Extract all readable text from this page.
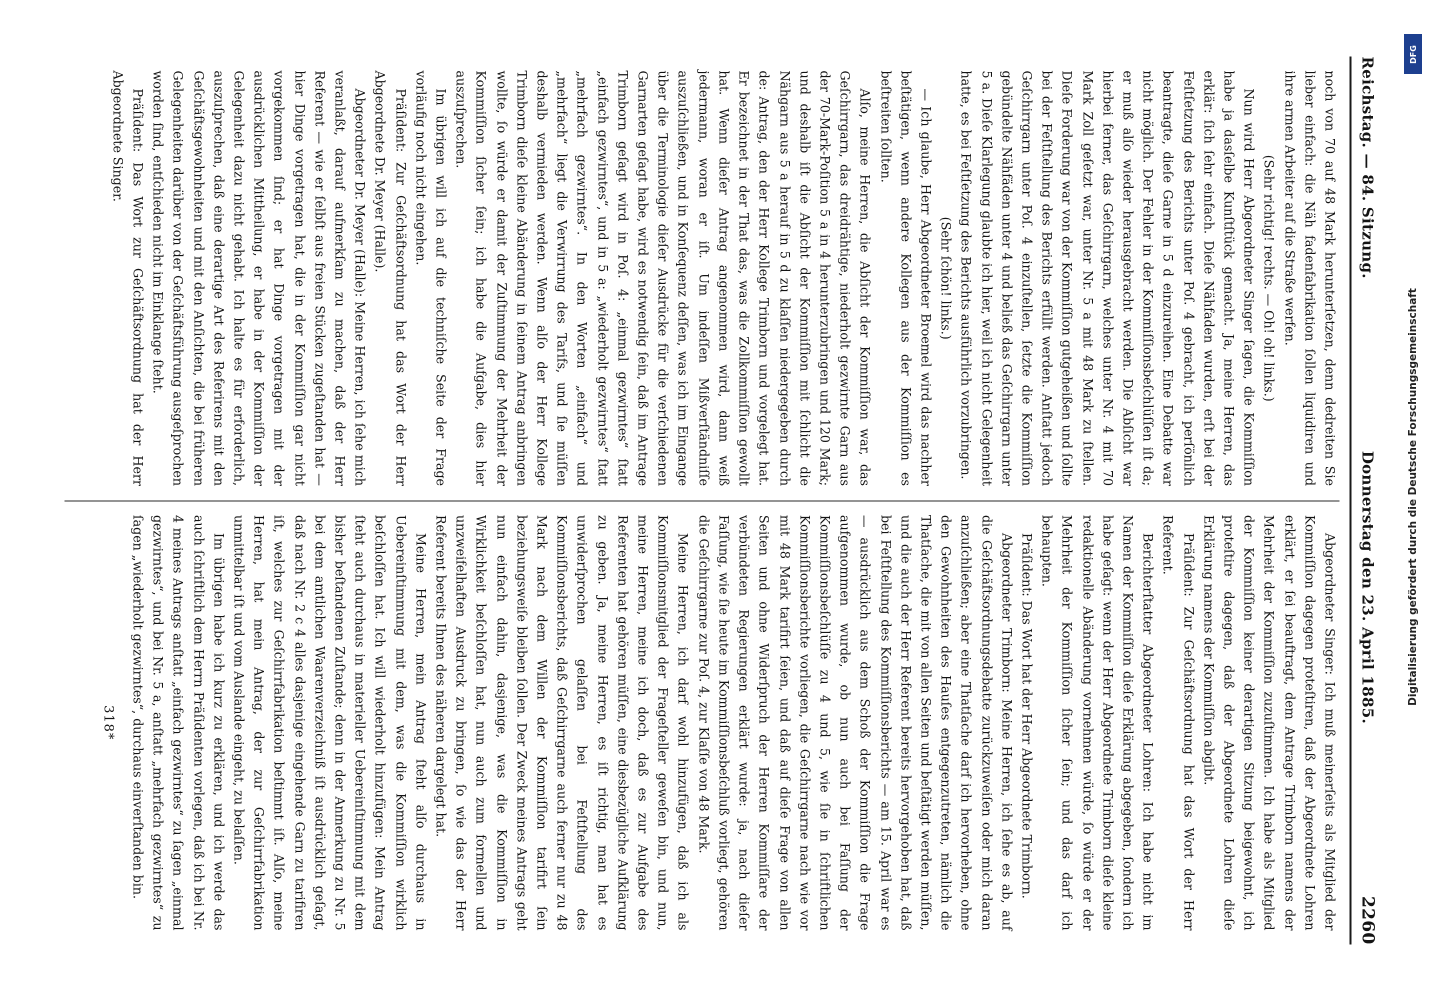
Reichstag. — 84. Sitzung.
Donnerstag den 23. April 1885.
2260

noch von 70 auf 48 Mark herunterſetzen, denn dedreiten Sie lieber einfach: die Näh fadenfabrikation ſollen liquidiren und ihre armen Arbeiter auf die Straße werfen.

(Sehr richtig! rechts. — Oh! oh! links.)

Nun wird Herr Abgeordneter Singer ſagen, die Kommiſſion habe ja dasſelbe Kunſtſtück gemacht. Ja, meine Herren, das erklär: ſich ſehr einfach. Dieſe Nähfaden wurden, erſt bei der Feſtſetzung des Berichts unter Poſ. 4 gebracht, ich perſönlich beantragte, dieſe Garne in 5 d einzureihen. Eine Debatte war nicht möglich. Der Fehler in der Kommiſſionsbeſchlüſſen iſt da; er muß alſo wieder herausgebracht werden. Die Abſicht war hierbei ferner, das Geſchirrgarn, welches unter Nr. 4 mit 70 Mark Zoll geſetzt war, unter Nr. 5 a mit 48 Mark zu ſtellen. Dieſe Forderung war von der Kommiſſion gutgeheißen und ſollte bei der Feſtſtellung des Berichts erfüllt werden. Anſtatt jedoch Geſchirrgarn unter Poſ. 4 einzuſtellen, ſetzte die Kommiſſion gebündelte Nähfäden unter 4 und beließ das Geſchirrgarn unter 5 a. Dieſe Klarlegung glaubte ich hier, weil ich nicht Gelegenheit hatte, es bei Feſtſetzung des Berichts ausführlich vorzubringen.

(Sehr ſchön! links.)

— Ich glaube, Herr Abgeordneter Broemel wird das nachher beſtätigen, wenn andere Kollegen aus der Kommiſſion es beſtreiten ſollten.

Alſo, meine Herren, die Abſicht der Kommiſſion war, das Geſchirrgarn, das dreidrähtige, niederholt gezwirnte Garn aus der 70-Mark-Poſition 5 a in 4 herunterzubringen und 120 Mark; und deshalb iſt die Abſicht der Kommiſſion mit ſchlicht die Nähgarn aus 5 a herauf in 5 d zu klaſſen niedergegeben durch de: Antrag, den der Herr Kollege Trimborn und vorgelegt hat. Er bezeichnet in der That das, was die Zollkommiſſion gewollt hat. Wenn dieſer Antrag angenommen wird, dann weiß jedermann, woran er iſt. Um indeſſen Mißverſtändniſſe auszuſchließen, und in Konſequenz deſſen, was ich im Eingange über die Terminologie dieſer Ausdrücke für die verſchiedenen Garnarten geſagt habe, wird es notwendig ſein, daß im Antrage Trimborn geſagt wird in Poſ. 4: „einmal gezwirntes“ ſtatt „einfach gezwirntes“, und in 5 a: „wiederholt gezwirntes“ ſtatt „mehrfach gezwirntes“. In den Worten „einfach“ und „mehrfach“ liegt die Verwirrung des Tarifs, und ſie müſſen deshalb vermieden werden. Wenn alſo der Herr Kollege Trimborn dieſe kleine Abänderung in ſeinem Antrag anbringen wollte, ſo würde er damit der Zuſtimmung der Mehrheit der Kommiſſion ſicher ſein; ich habe die Aufgabe, dies hier auszuſprechen.

Im übrigen will ich auf die techniſche Seite der Frage vorläufig noch nicht eingehen.

Präſident: Zur Geſchäftsordnung hat das Wort der Herr Abgeordnete Dr. Meyer (Halle).

Abgeordneter Dr. Meyer (Halle): Meine Herren, ich ſehe mich veranlaßt, darauf aufmerkſam zu machen, daß der Herr Referent — wie er ſelbſt aus freien Stücken zugeſtanden hat — hier Dinge vorgetragen hat, die in der Kommiſſion gar nicht vorgekommen ſind; er hat Dinge vorgetragen mit der ausdrücklichen Mittheilung, er habe in der Kommiſſion der Gelegenheit dazu nicht gehabt. Ich halte es für erforderlich, auszuſprechen, daß eine derartige Art des Referirens mit den Geſchäftsgewohnheiten und mit den Anſichten, die bei früheren Gelegenheiten darüber von der Geſchäftsführung ausgeſprochen worden ſind, entſchieden nicht im Einklange ſteht.

Präſident: Das Wort zur Geſchäftsordnung hat der Herr Abgeordnete Singer.

Abgeordneter Singer: Ich muß meinerſeits als Mitglied der Kommiſſion dagegen proteſtiren, daß der Abgeordnete Lohren erklärt, er ſei beauftragt, dem Antrage Trimborn namens der Mehrheit der Kommiſſion zuzuſtimmen. Ich habe als Mitglied der Kommiſſion keiner derartigen Sitzung beigewohnt, ich proteſtire dagegen, daß der Abgeordnete Lohren dieſe Erklärung namens der Kommiſſion abgibt.

Präſident: Zur Geſchäftsordnung hat das Wort der Herr Referent.

Berichterſtatter Abgeordneter Lohren: Ich habe nicht im Namen der Kommiſſion dieſe Erklärung abgegeben, ſondern ich habe geſagt: wenn der Herr Abgeordnete Trimborn dieſe kleine redaktionelle Abänderung vornehmen würde, ſo würde er der Mehrheit der Kommiſſion ſicher ſein; und das darf ich behaupten.

Präſident: Das Wort hat der Herr Abgeordnete Trimborn.

Abgeordneter Trimborn: Meine Herren, ich ſehe es ab, auf die Geſchäftsordnungsdebatte zurückzuweiſen oder mich daran anzuſchließen; aber eine Thatſache darf ich hervorheben, ohne den Gewohnheiten des Hauſes entgegenzutreten, nämlich die Thatſache, die mit von allen Seiten und beſtätigt werden müſſen, und die auch der Herr Referent bereits hervorgehoben hat, daß bei Feſtſtellung des Kommiſſionsberichts — am 15. April war es — ausdrücklich aus dem Schoß der Kommiſſion die Frage aufgenommen wurde, ob nun auch bei Faſſung der Kommiſſionsbeſchlüſſe zu 4 und 5, wie ſie in ſchriftlichen Kommiſſionsberichte vorliegen, die Geſchirrgarne nach wie vor mit 48 Mark tarifirt ſeien, und daß auf dieſe Frage von allen Seiten und ohne Widerſpruch der Herren Kommiſſare der verbündeten Regierungen erklärt wurde: ja, nach dieſer Faſſung, wie ſie heute im Kommiſſionsbeſchluß vorliegt, gehören die Geſchirrgarne zur Poſ. 4, zur Klaſſe von 48 Mark.

Meine Herren, ich darf wohl hinzufügen, daß ich als Kommiſſionsmitglied der Frageſteller geweſen bin, und nun, meine Herren, meine ich doch, daß es zur Aufgabe des Referenten hat gehören müſſen, eine diesbezügliche Aufklärung zu geben. Ja, meine Herren, es iſt richtig, man hat es unwiderſprochen gelaſſen bei Feſtſtellung des Kommiſſionsberichts, daß Geſchirrgarne auch ferner nur zu 48 Mark nach dem Willen der Kommiſſion tarifirt ſein beziehungsweiſe bleiben ſollen. Der Zweck meines Antrags geht nun einfach dahin, dasjenige, was die Kommiſſion in Wirklichkeit beſchloſſen hat, nun auch zum formellen und unzweifelhaften Ausdruck zu bringen, ſo wie das der Herr Referent bereits Ihnen des näheren dargelegt hat.

Meine Herren, mein Antrag ſteht alſo durchaus in Uebereinſtimmung mit dem, was die Kommiſſion wirklich beſchloſſen hat. Ich will wiederholt hinzufügen: Mein Antrag ſteht auch durchaus in materieller Uebereinſtimmung mit dem bisher beſtandenen Zuſtande; denn in der Anmerkung zu Nr. 5 bei dem amtlichen Waarenverzeichniß iſt ausdrücklich geſagt, daß nach Nr. 2 c 4 alles dasjenige eingehende Garn zu tarifiren iſt, welches zur Geſchirrfabrikation beſtimmt iſt. Alſo, meine Herren, hat mein Antrag, der zur Geſchirrfabrikation unmittelbar iſt und vom Auslande eingeht, zu belaſſen.

Im übrigen habe ich kurz zu erklären, und ich werde das auch ſchriftlich dem Herrn Präſidenten vorlegen, daß ich bei Nr. 4 meines Antrags anſtatt „einfach gezwirntes“ zu ſagen „einmal gezwirntes“, und bei Nr. 5 a, anſtatt „mehrfach gezwirntes“ zu ſagen „wiederholt gezwirntes“, durchaus einverſtanden bin.

318*
DFG
Digitalisierung gefördert durch die Deutsche Forschungsgemeinschaft
